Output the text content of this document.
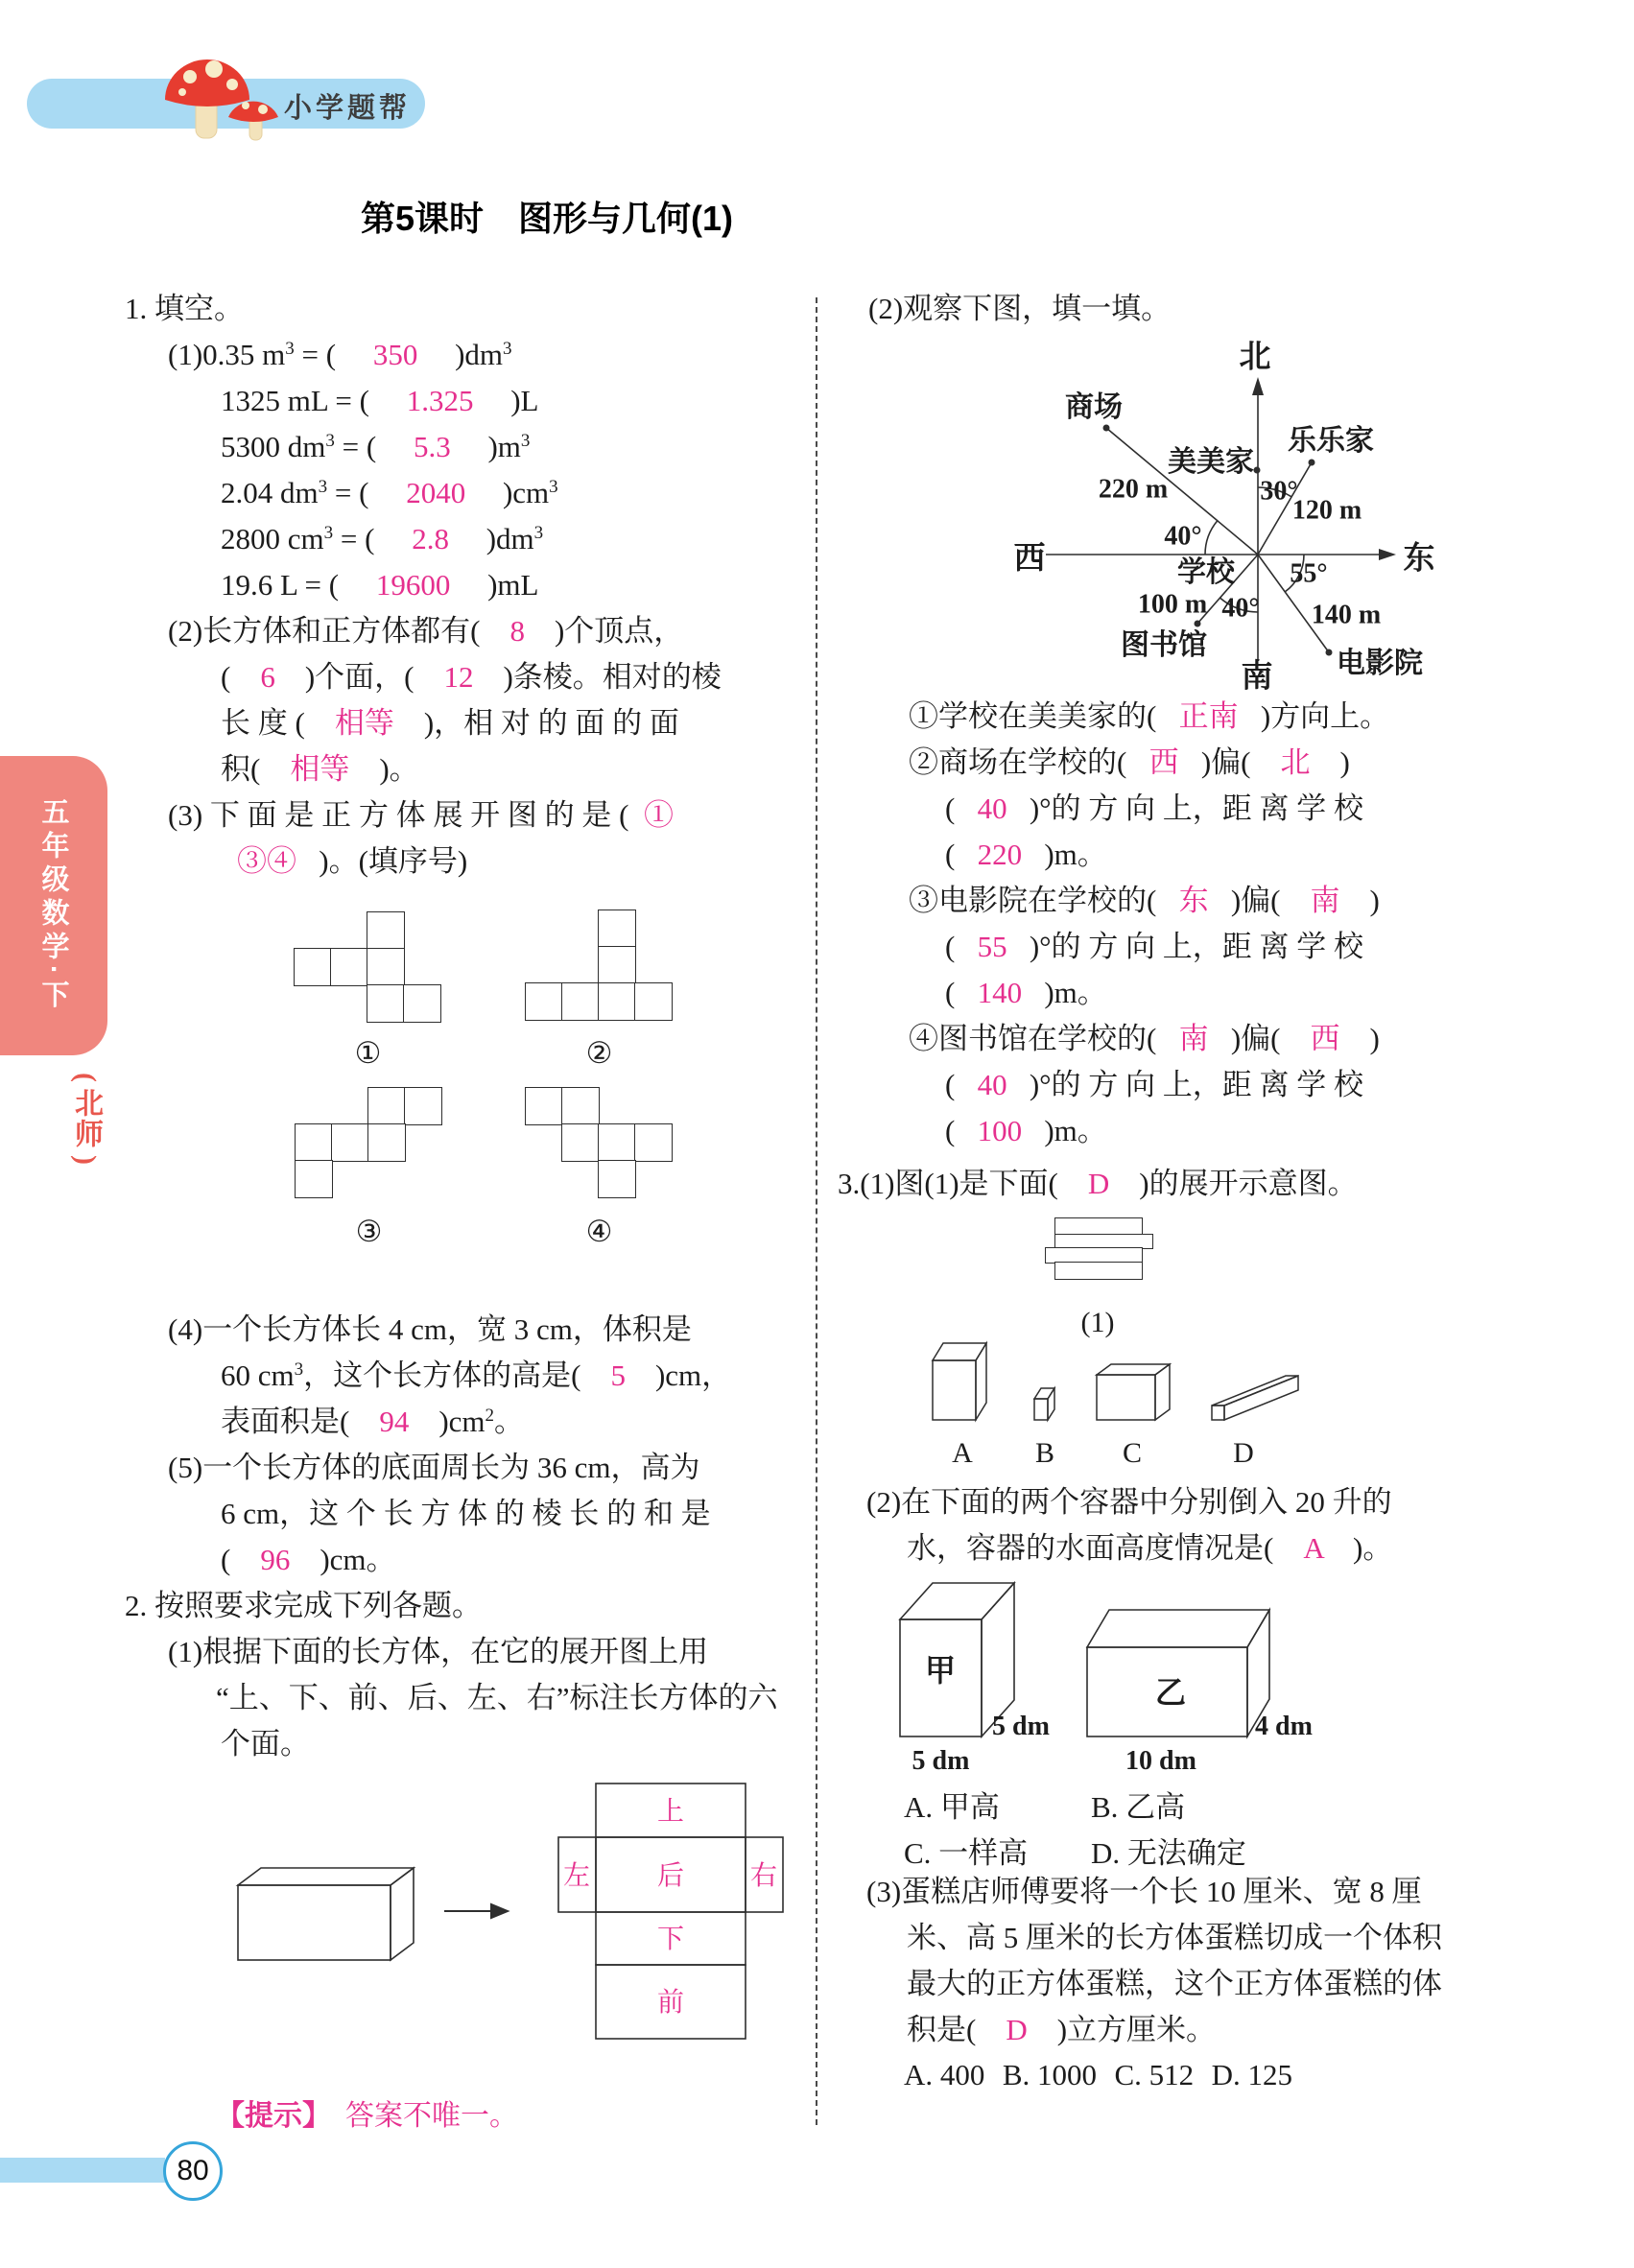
小学题帮
第5课时　图形与几何(1)
五年级数学·下
(
北师
)
1. 填空。
(1)0.35 $m^3$ = (     350     )$dm^3$
1325 mL = (     1.325     )L
5300 $dm^3$ = (     5.3     )$m^3$
2.04 $dm^3$ = (     2040     )$cm^3$
2800 $cm^3$ = (     2.8     )$dm^3$
19.6 L = (     19600     )mL
(2)长方体和正方体都有(    8    )个顶点，
(    6    )个面，(    12    )条棱。相对的棱
长 度 (    相等    )，相 对 的 面 的 面
积(    相等    )。
(3) 下 面 是 正 方 体 展 开 图 的 是 (  ①
③④   )。(填序号)
①	②
③	④
(4)一个长方体长 4 cm，宽 3 cm，体积是
60 $cm^3$，这个长方体的高是(    5    )cm，
表面积是(    94    )$cm^2$。
(5)一个长方体的底面周长为 36 cm，高为
6 cm，这 个 长 方 体 的 棱 长 的 和 是
(    96    )cm。
2. 按照要求完成下列各题。
(1)根据下面的长方体，在它的展开图上用
“上、下、前、后、左、右”标注长方体的六
个面。
上
左 后 右
下
前
【提示】  答案不唯一。
80
(2)观察下图，填一填。
北
西	东
南
商场
美美家
乐乐家
学校
图书馆
电影院
220 m
40°
30°
120 m
55°
140 m
100 m 40°
①学校在美美家的(   正南   )方向上。
②商场在学校的(   西   )偏(    北    )
(   40   )°的 方 向 上，距 离 学 校
(   220   )m。
③电影院在学校的(   东   )偏(    南    )
(   55   )°的 方 向 上，距 离 学 校
(   140   )m。
④图书馆在学校的(   南   )偏(    西    )
(   40   )°的 方 向 上，距 离 学 校
(   100   )m。
3.(1)图(1)是下面(    D    )的展开示意图。
(1)
A B C	D
(2)在下面的两个容器中分别倒入 20 升的
水，容器的水面高度情况是(    A    )。
甲
乙
5 dm	4 dm
5 dm	10 dm
A. 甲高	B. 乙高
C. 一样高 D. 无法确定
(3)蛋糕店师傅要将一个长 10 厘米、宽 8 厘
米、高 5 厘米的长方体蛋糕切成一个体积
最大的正方体蛋糕，这个正方体蛋糕的体
积是(    D    )立方厘米。
A. 400 B. 1000 C. 512 D. 125
